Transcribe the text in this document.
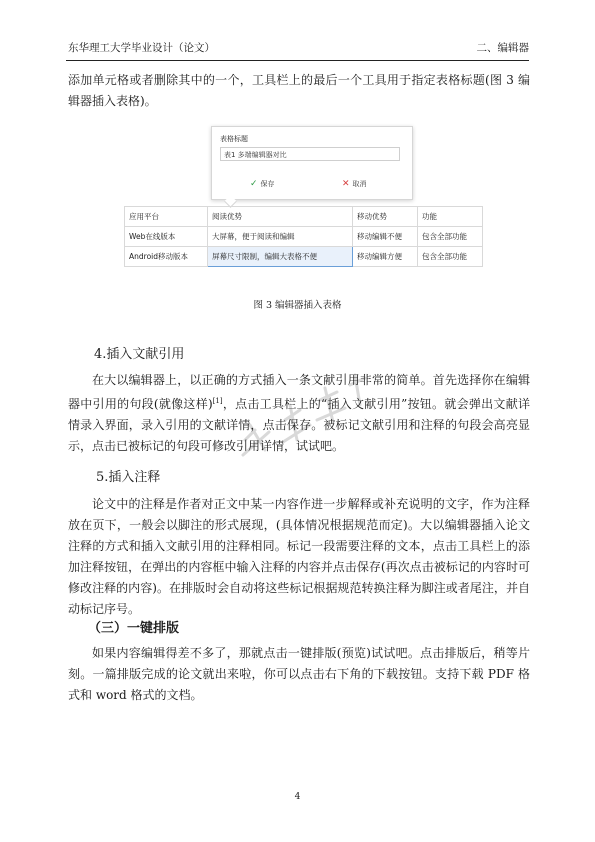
东华理工大学毕业设计（论文）	二、编辑器

添加单元格或者删除其中的一个，工具栏上的最后一个工具用于指定表格标题(图 3 编辑器插入表格)。

表格标题
表1 多端编辑器对比
✓ 保存	✕ 取消
应用平台	阅读优势	移动优势	功能
Web在线版本	大屏幕，便于阅读和编辑	移动编辑不便	包含全部功能
Android移动版本	屏幕尺寸限制，编辑大表格不便	移动编辑方便	包含全部功能
图 3 编辑器插入表格
4.插入文献引用

在大以编辑器上，以正确的方式插入一条文献引用非常的简单。首先选择你在编辑器中引用的句段(就像这样)[1]，点击工具栏上的“插入文献引用”按钮。就会弹出文献详情录入界面，录入引用的文献详情，点击保存。被标记文献引用和注释的句段会高亮显示，点击已被标记的句段可修改引用详情，试试吧。

5.插入注释

论文中的注释是作者对正文中某一内容作进一步解释或补充说明的文字，作为注释放在页下，一般会以脚注的形式展现，(具体情况根据规范而定)。大以编辑器插入论文注释的方式和插入文献引用的注释相同。标记一段需要注释的文本，点击工具栏上的添加注释按钮，在弹出的内容框中输入注释的内容并点击保存(再次点击被标记的内容时可修改注释的内容)。在排版时会自动将这些标记根据规范转换注释为脚注或者尾注，并自动标记序号。

（三）一键排版

如果内容编辑得差不多了，那就点击一键排版(预览)试试吧。点击排版后，稍等片刻。一篇排版完成的论文就出来啦，你可以点击右下角的下载按钮。支持下载 PDF 格式和 word 格式的文档。

4
